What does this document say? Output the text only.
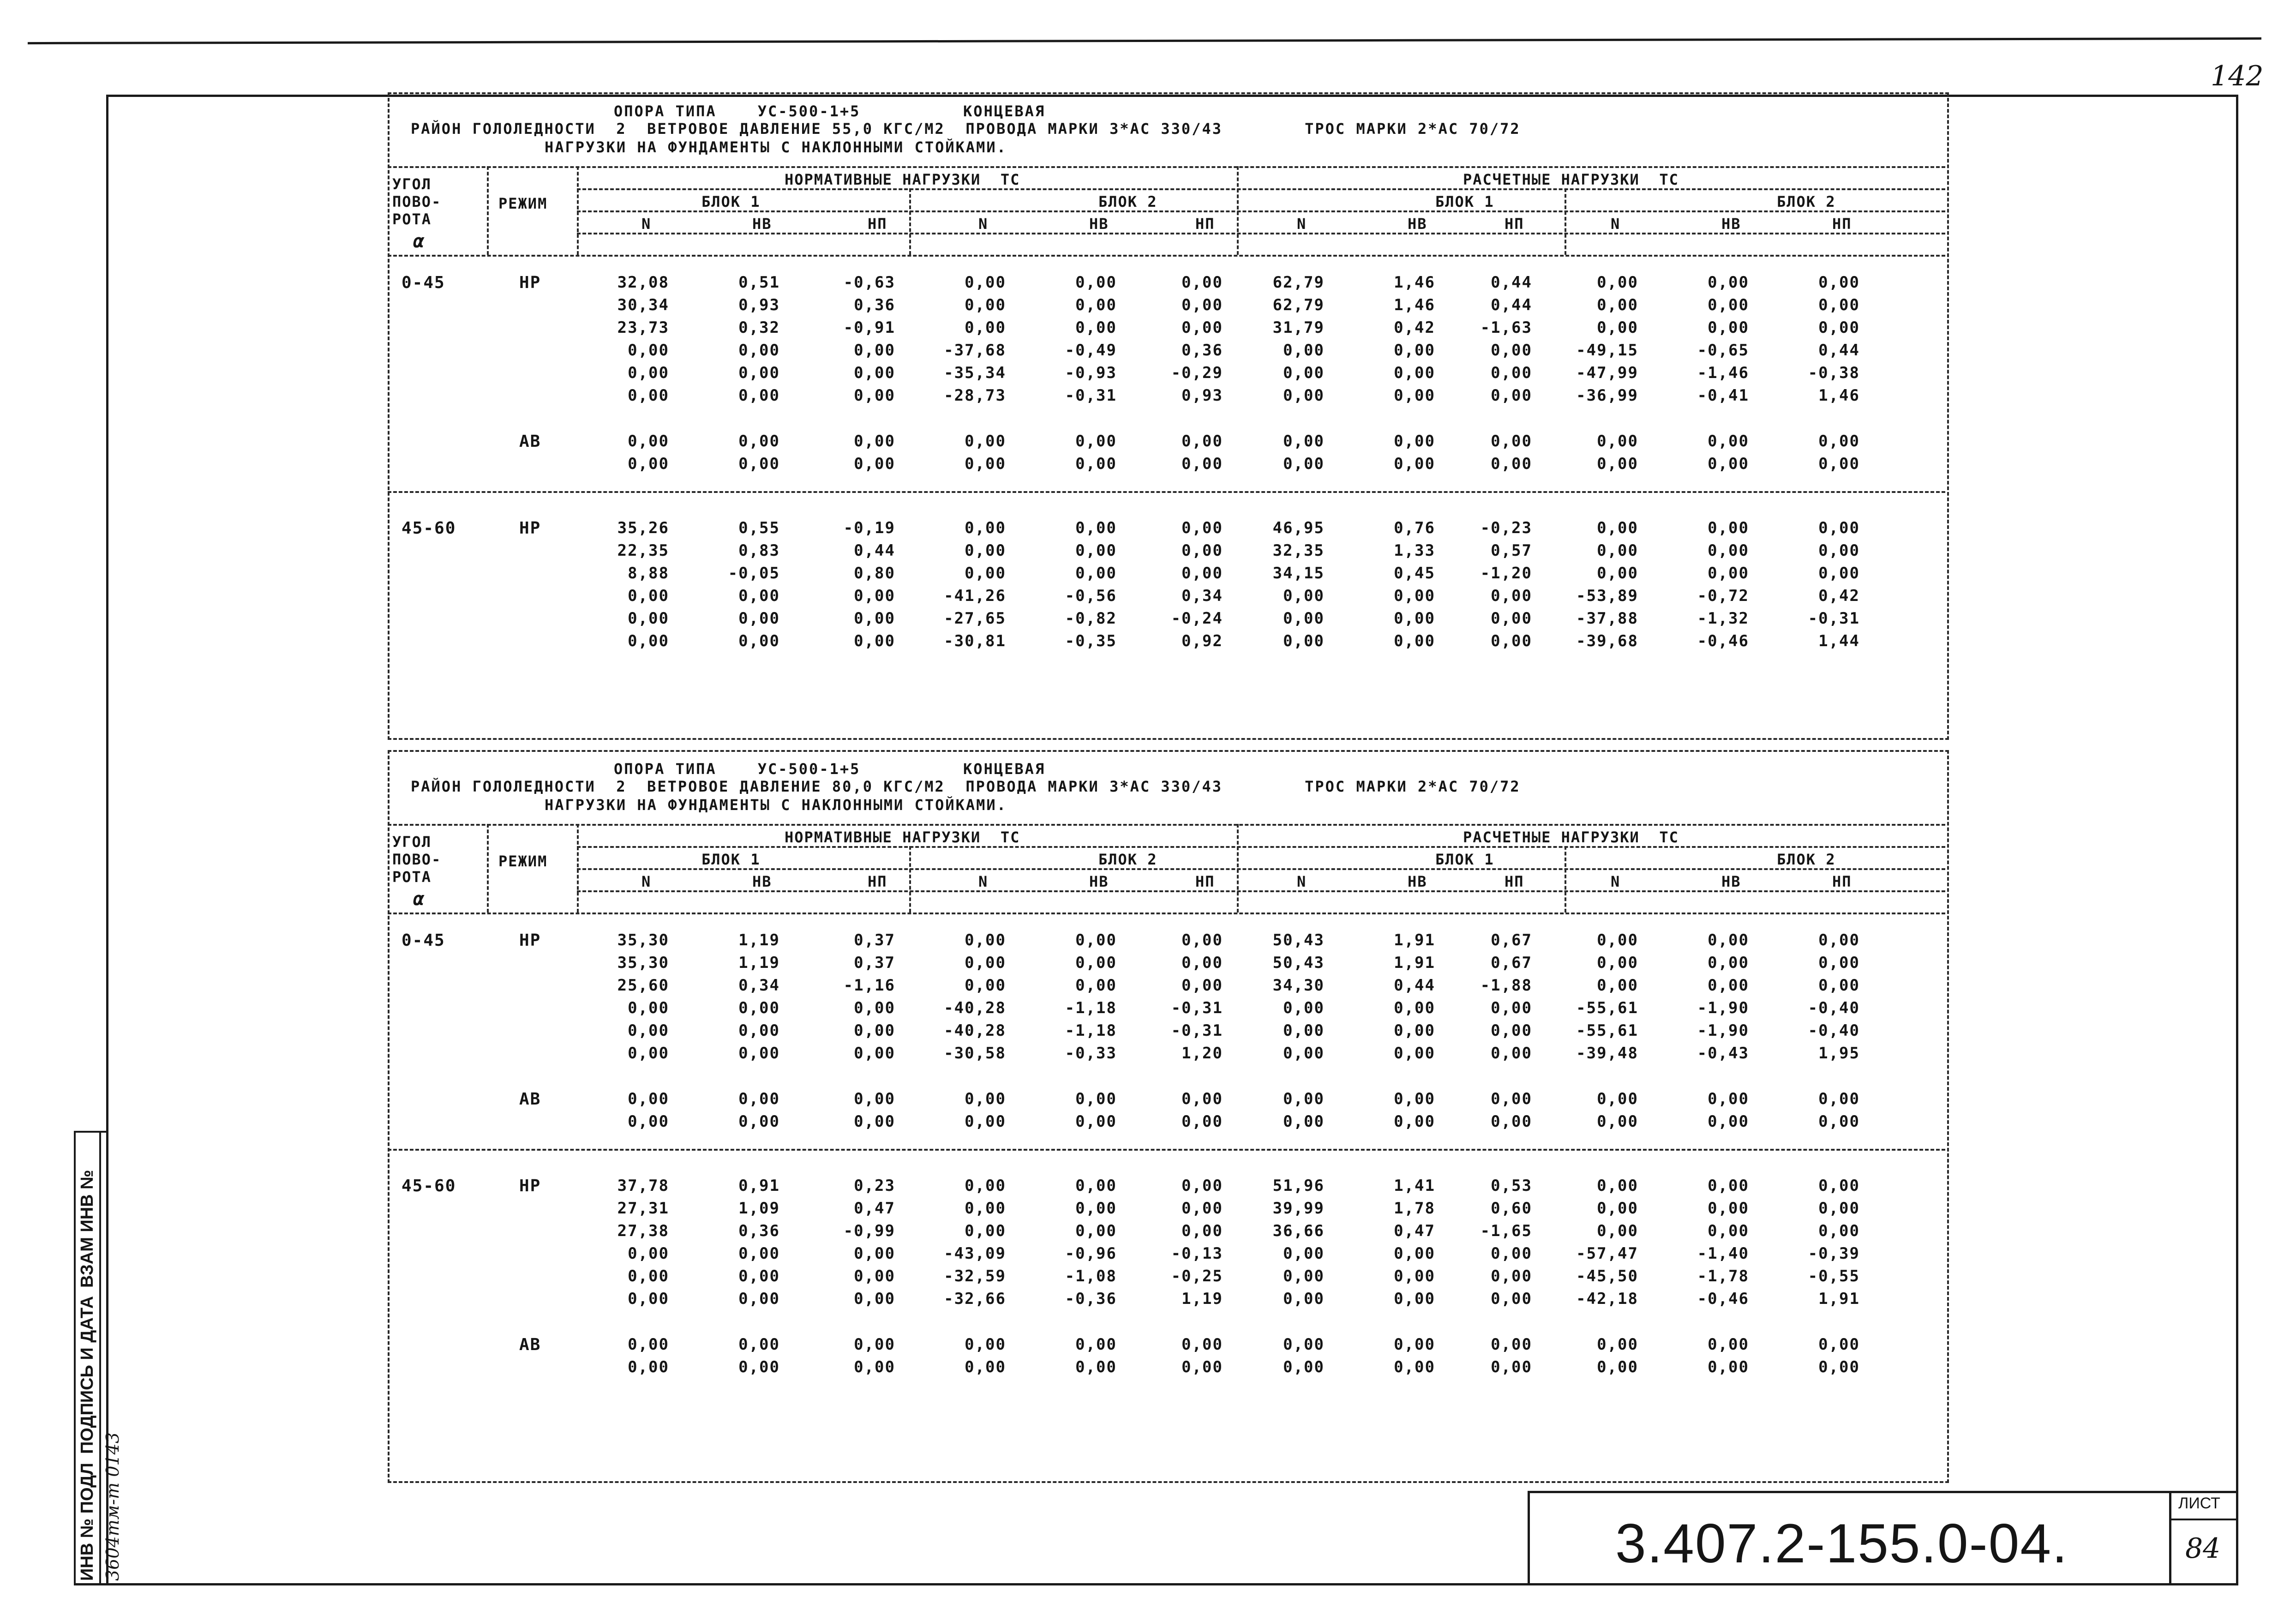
142
ИНВ № ПОДЛ
ПОДПИСЬ И ДАТА
ВЗАМ ИНВ №
3604тм-т 0143	3.407.2-155.0-04.
ЛИСТ
84
ОПОРА ТИПА    УС-500-1+5          КОНЦЕВАЯ
РАЙОН ГОЛОЛЕДНОСТИ  2  ВЕТРОВОЕ ДАВЛЕНИЕ 55,0 КГС/М2  ПРОВОДА МАРКИ 3*АС 330/43        ТРОС МАРКИ 2*АС 70/72
НАГРУЗКИ НА ФУНДАМЕНТЫ С НАКЛОННЫМИ СТОЙКАМИ.
УГОЛ
ПОВО-
РОТА
α
РЕЖИМ
НОРМАТИВНЫЕ НАГРУЗКИ  ТС	РАСЧЕТНЫЕ НАГРУЗКИ  ТС
БЛОК 1	БЛОК 2	БЛОК 1	БЛОК 2
N	НВ	НП	N	НВ	НП	N	НВ	НП	N	НВ	НП
0-45	НР	32,08	0,51	-0,63	0,00	0,00	0,00	62,79	1,46	0,44	0,00	0,00	0,00
30,34	0,93	0,36	0,00	0,00	0,00	62,79	1,46	0,44	0,00	0,00	0,00
23,73	0,32	-0,91	0,00	0,00	0,00	31,79	0,42	-1,63	0,00	0,00	0,00
0,00	0,00	0,00	-37,68	-0,49	0,36	0,00	0,00	0,00	-49,15	-0,65	0,44
0,00	0,00	0,00	-35,34	-0,93	-0,29	0,00	0,00	0,00	-47,99	-1,46	-0,38
0,00	0,00	0,00	-28,73	-0,31	0,93	0,00	0,00	0,00	-36,99	-0,41	1,46
АВ	0,00	0,00	0,00	0,00	0,00	0,00	0,00	0,00	0,00	0,00	0,00	0,00
0,00	0,00	0,00	0,00	0,00	0,00	0,00	0,00	0,00	0,00	0,00	0,00
45-60	НР	35,26	0,55	-0,19	0,00	0,00	0,00	46,95	0,76	-0,23	0,00	0,00	0,00
22,35	0,83	0,44	0,00	0,00	0,00	32,35	1,33	0,57	0,00	0,00	0,00
8,88	-0,05	0,80	0,00	0,00	0,00	34,15	0,45	-1,20	0,00	0,00	0,00
0,00	0,00	0,00	-41,26	-0,56	0,34	0,00	0,00	0,00	-53,89	-0,72	0,42
0,00	0,00	0,00	-27,65	-0,82	-0,24	0,00	0,00	0,00	-37,88	-1,32	-0,31
0,00	0,00	0,00	-30,81	-0,35	0,92	0,00	0,00	0,00	-39,68	-0,46	1,44
ОПОРА ТИПА    УС-500-1+5          КОНЦЕВАЯ
РАЙОН ГОЛОЛЕДНОСТИ  2  ВЕТРОВОЕ ДАВЛЕНИЕ 80,0 КГС/М2  ПРОВОДА МАРКИ 3*АС 330/43        ТРОС МАРКИ 2*АС 70/72
НАГРУЗКИ НА ФУНДАМЕНТЫ С НАКЛОННЫМИ СТОЙКАМИ.
УГОЛ
ПОВО-
РОТА
α
РЕЖИМ
НОРМАТИВНЫЕ НАГРУЗКИ  ТС	РАСЧЕТНЫЕ НАГРУЗКИ  ТС
БЛОК 1	БЛОК 2	БЛОК 1	БЛОК 2
N	НВ	НП	N	НВ	НП	N	НВ	НП	N	НВ	НП
0-45	НР	35,30	1,19	0,37	0,00	0,00	0,00	50,43	1,91	0,67	0,00	0,00	0,00
35,30	1,19	0,37	0,00	0,00	0,00	50,43	1,91	0,67	0,00	0,00	0,00
25,60	0,34	-1,16	0,00	0,00	0,00	34,30	0,44	-1,88	0,00	0,00	0,00
0,00	0,00	0,00	-40,28	-1,18	-0,31	0,00	0,00	0,00	-55,61	-1,90	-0,40
0,00	0,00	0,00	-40,28	-1,18	-0,31	0,00	0,00	0,00	-55,61	-1,90	-0,40
0,00	0,00	0,00	-30,58	-0,33	1,20	0,00	0,00	0,00	-39,48	-0,43	1,95
АВ	0,00	0,00	0,00	0,00	0,00	0,00	0,00	0,00	0,00	0,00	0,00	0,00
0,00	0,00	0,00	0,00	0,00	0,00	0,00	0,00	0,00	0,00	0,00	0,00
45-60	НР	37,78	0,91	0,23	0,00	0,00	0,00	51,96	1,41	0,53	0,00	0,00	0,00
27,31	1,09	0,47	0,00	0,00	0,00	39,99	1,78	0,60	0,00	0,00	0,00
27,38	0,36	-0,99	0,00	0,00	0,00	36,66	0,47	-1,65	0,00	0,00	0,00
0,00	0,00	0,00	-43,09	-0,96	-0,13	0,00	0,00	0,00	-57,47	-1,40	-0,39
0,00	0,00	0,00	-32,59	-1,08	-0,25	0,00	0,00	0,00	-45,50	-1,78	-0,55
0,00	0,00	0,00	-32,66	-0,36	1,19	0,00	0,00	0,00	-42,18	-0,46	1,91
АВ	0,00	0,00	0,00	0,00	0,00	0,00	0,00	0,00	0,00	0,00	0,00	0,00
0,00	0,00	0,00	0,00	0,00	0,00	0,00	0,00	0,00	0,00	0,00	0,00
